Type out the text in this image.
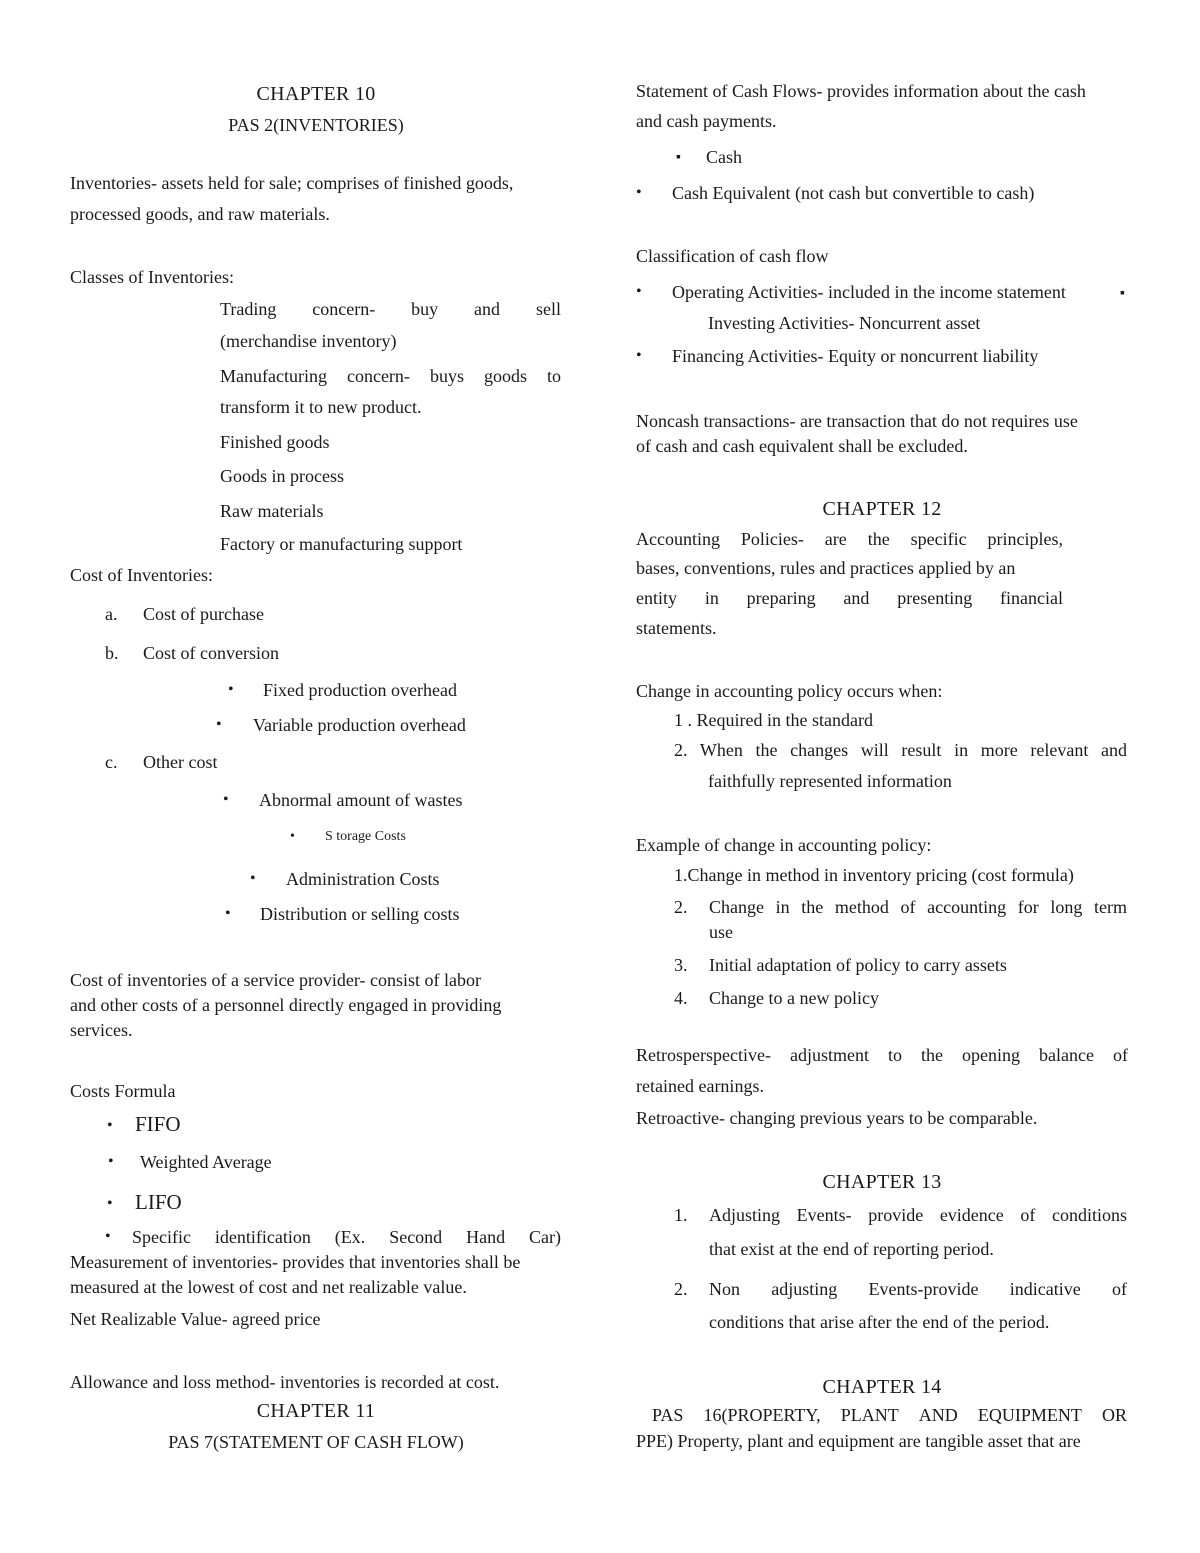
CHAPTER 10
PAS 2(INVENTORIES)
Inventories- assets held for sale; comprises of finished goods,
processed goods, and raw materials.
Classes of Inventories:
Trading concern- buy and sell
(merchandise inventory)
Manufacturing concern- buys goods to
transform it to new product.
Finished goods
Goods in process
Raw materials
Factory or manufacturing support
Cost of Inventories:
a. Cost of purchase
b. Cost of conversion
• Fixed production overhead
• Variable production overhead
c. Other cost
• Abnormal amount of wastes
• S torage Costs
• Administration Costs
• Distribution or selling costs
Cost of inventories of a service provider- consist of labor
and other costs of a personnel directly engaged in providing
services.
Costs Formula
• FIFO
• Weighted Average
• LIFO
• Specific identification (Ex. Second Hand Car)
Measurement of inventories- provides that inventories shall be
measured at the lowest of cost and net realizable value.
Net Realizable Value- agreed price
Allowance and loss method- inventories is recorded at cost.
CHAPTER 11
PAS 7(STATEMENT OF CASH FLOW)
Statement of Cash Flows- provides information about the cash
and cash payments.
▪ Cash
• Cash Equivalent (not cash but convertible to cash)
Classification of cash flow
• Operating Activities- included in the income statement	▪
Investing Activities- Noncurrent asset
• Financing Activities- Equity or noncurrent liability
Noncash transactions- are transaction that do not requires use
of cash and cash equivalent shall be excluded.
CHAPTER 12
Accounting Policies- are the specific principles,
bases, conventions, rules and practices applied by an
entity in preparing and presenting financial
statements.
Change in accounting policy occurs when:
1 . Required in the standard
2. When the changes will result in more relevant and
faithfully represented information
Example of change in accounting policy:
1.Change in method in inventory pricing (cost formula)
2. Change in the method of accounting for long term
use
3. Initial adaptation of policy to carry assets
4. Change to a new policy
Retrosperspective- adjustment to the opening balance of
retained earnings.
Retroactive- changing previous years to be comparable.
CHAPTER 13
1. Adjusting Events- provide evidence of conditions
that exist at the end of reporting period.
2. Non adjusting Events-provide indicative of
conditions that arise after the end of the period.
CHAPTER 14
PAS 16(PROPERTY, PLANT AND EQUIPMENT OR
PPE) Property, plant and equipment are tangible asset that are
